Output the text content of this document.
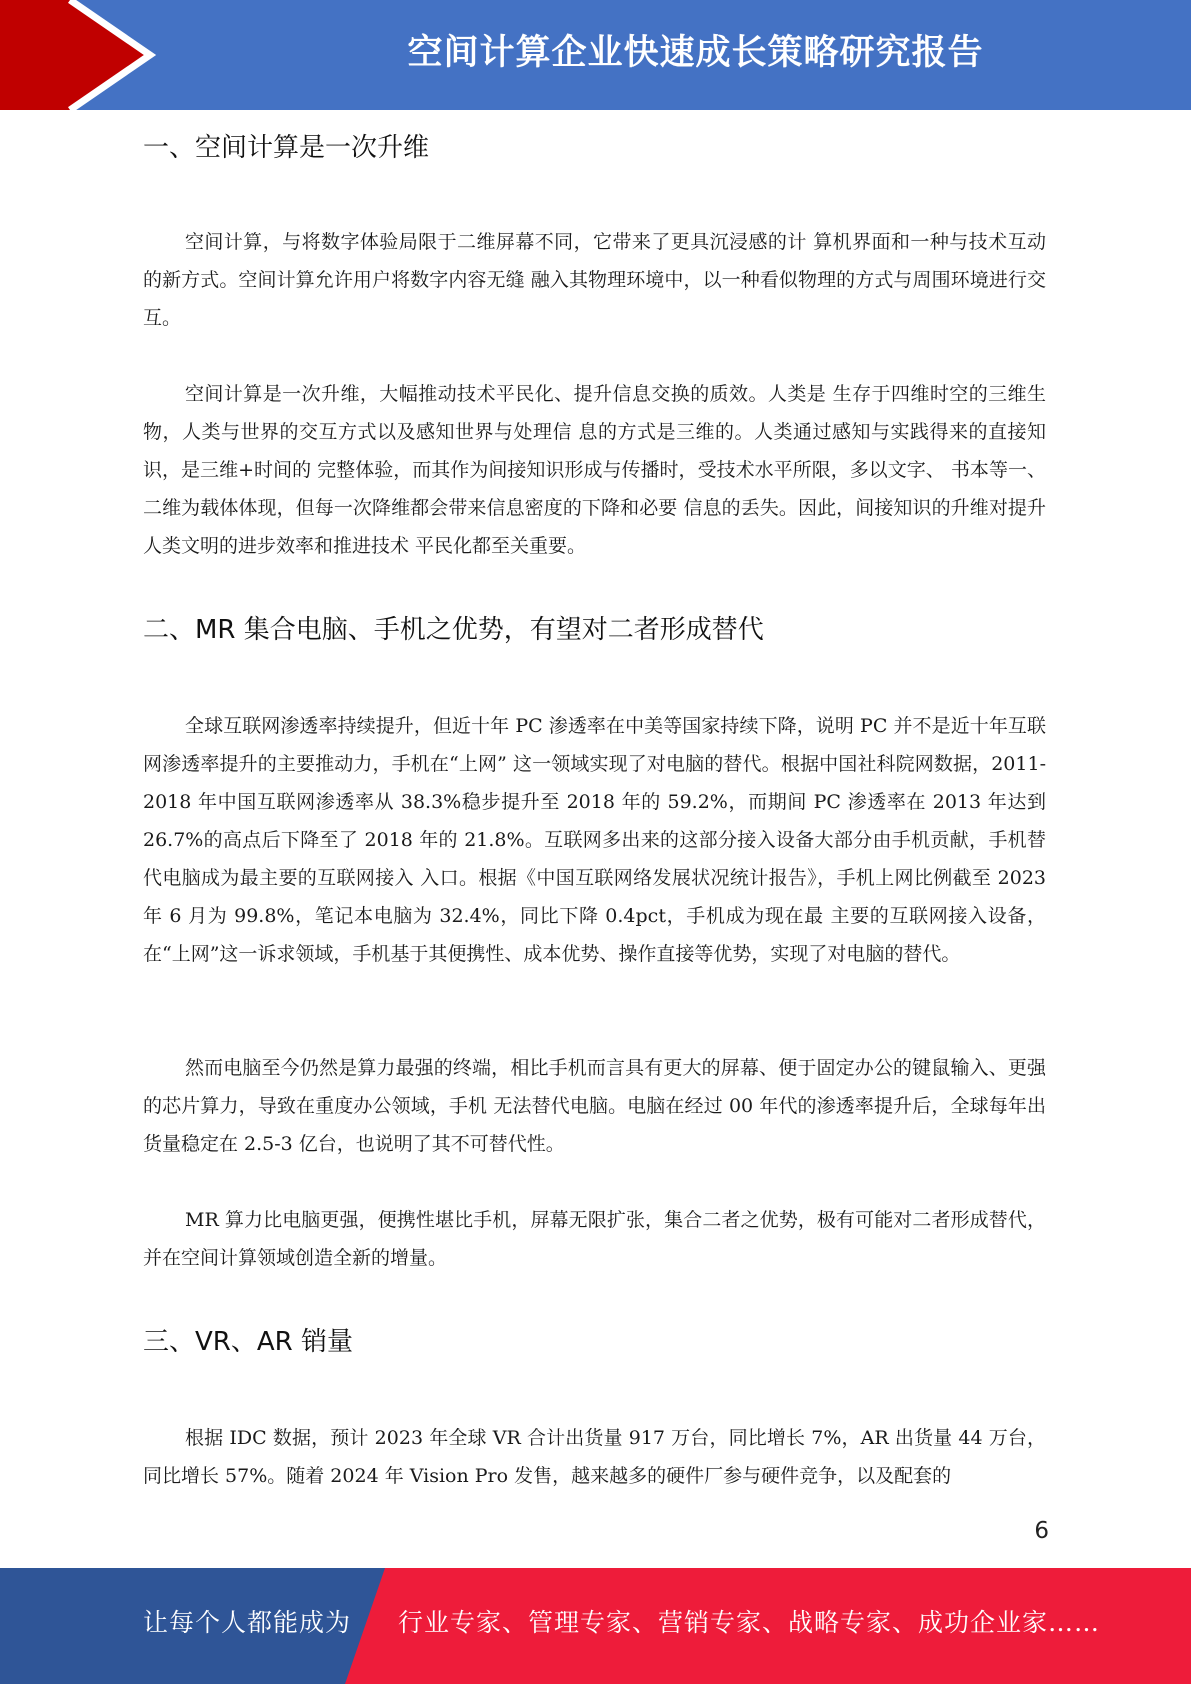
空间计算企业快速成长策略研究报告
一、空间计算是一次升维

空间计算，与将数字体验局限于二维屏幕不同，它带来了更具沉浸感的计 算机界面和一种与技术互动的新方式。空间计算允许用户将数字内容无缝 融入其物理环境中，以一种看似物理的方式与周围环境进行交互。

空间计算是一次升维，大幅推动技术平民化、提升信息交换的质效。人类是 生存于四维时空的三维生物，人类与世界的交互方式以及感知世界与处理信 息的方式是三维的。人类通过感知与实践得来的直接知识，是三维+时间的 完整体验，而其作为间接知识形成与传播时，受技术水平所限，多以文字、 书本等一、二维为载体体现，但每一次降维都会带来信息密度的下降和必要 信息的丢失。因此，间接知识的升维对提升人类文明的进步效率和推进技术 平民化都至关重要。

二、MR 集合电脑、手机之优势，有望对二者形成替代

全球互联网渗透率持续提升，但近十年 PC 渗透率在中美等国家持续下降，说明 PC 并不是近十年互联网渗透率提升的主要推动力，手机在“上网” 这一领域实现了对电脑的替代。根据中国社科院网数据，2011-2018 年中国互联网渗透率从 38.3%稳步提升至 2018 年的 59.2%，而期间 PC 渗透率在 2013 年达到 26.7%的高点后下降至了 2018 年的 21.8%。互联网多出来的这部分接入设备大部分由手机贡献，手机替代电脑成为最主要的互联网接入 入口。根据《中国互联网络发展状况统计报告》，手机上网比例截至 2023 年 6 月为 99.8%，笔记本电脑为 32.4%，同比下降 0.4pct，手机成为现在最 主要的互联网接入设备，在“上网”这一诉求领域，手机基于其便携性、成本优势、操作直接等优势，实现了对电脑的替代。

然而电脑至今仍然是算力最强的终端，相比手机而言具有更大的屏幕、便于固定办公的键鼠输入、更强的芯片算力，导致在重度办公领域，手机 无法替代电脑。电脑在经过 00 年代的渗透率提升后，全球每年出货量稳定在 2.5-3 亿台，也说明了其不可替代性。

MR 算力比电脑更强，便携性堪比手机，屏幕无限扩张，集合二者之优势，极有可能对二者形成替代，并在空间计算领域创造全新的增量。

三、VR、AR 销量

根据 IDC 数据，预计 2023 年全球 VR 合计出货量 917 万台，同比增长 7%，AR 出货量 44 万台，同比增长 57%。随着 2024 年 Vision Pro 发售，越来越多的硬件厂参与硬件竞争，以及配套的

6
让每个人都能成为 行业专家、管理专家、营销专家、战略专家、成功企业家……
